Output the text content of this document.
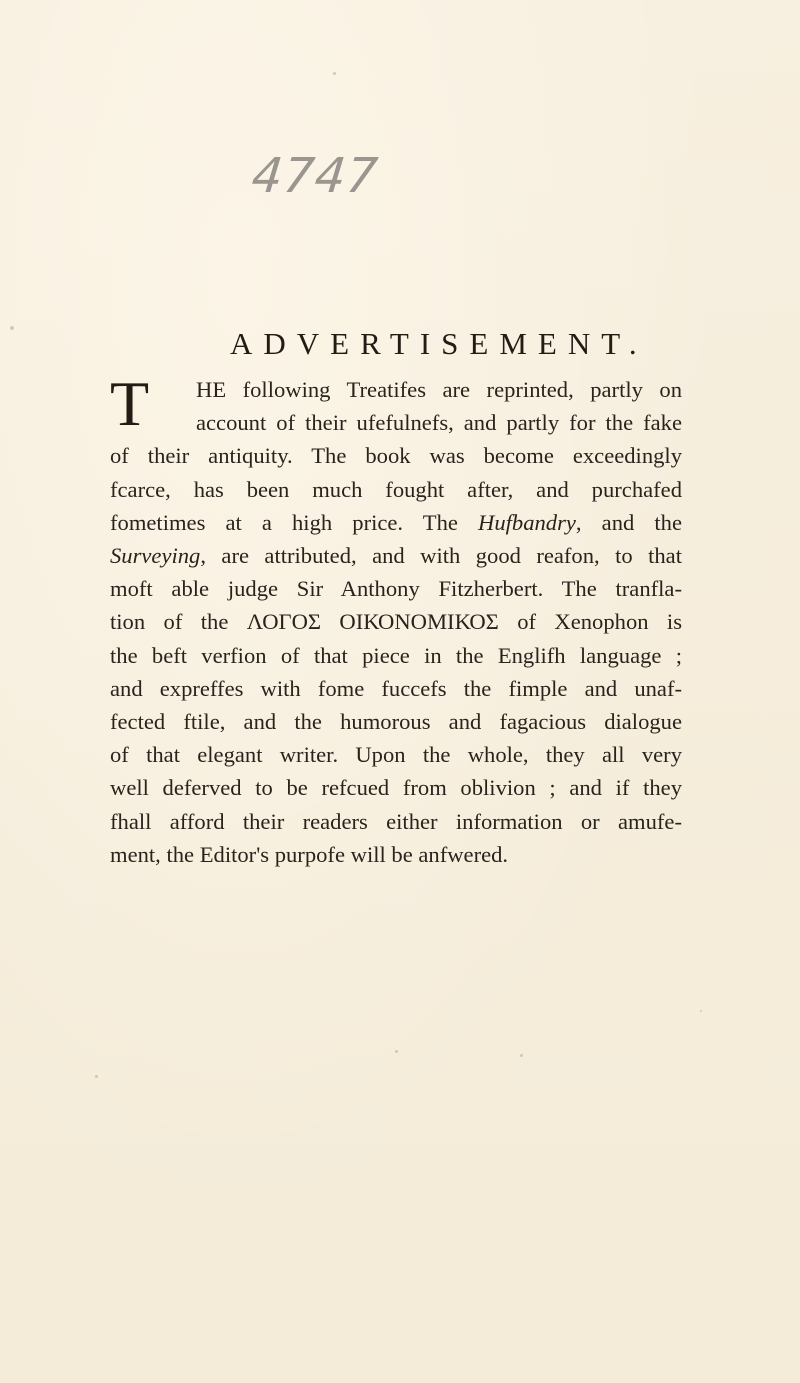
4747
ADVERTISEMENT.
T	HE following Treatifes are reprinted, partly on
account of their ufefulnefs, and partly for the fake
of their antiquity. The book was become exceedingly
fcarce, has been much fought after, and purchafed
fometimes at a high price. The Hufbandry, and the
Surveying, are attributed, and with good reafon, to that
moft able judge Sir Anthony Fitzherbert. The tranfla-
tion of the ΛΟΓΟΣ ΟΙΚΟΝΟΜΙΚΟΣ of Xenophon is
the beft verfion of that piece in the Englifh language ;
and expreffes with fome fuccefs the fimple and unaf-
fected ftile, and the humorous and fagacious dialogue
of that elegant writer. Upon the whole, they all very
well deferved to be refcued from oblivion ; and if they
fhall afford their readers either information or amufe-
ment, the Editor's purpofe will be anfwered.
